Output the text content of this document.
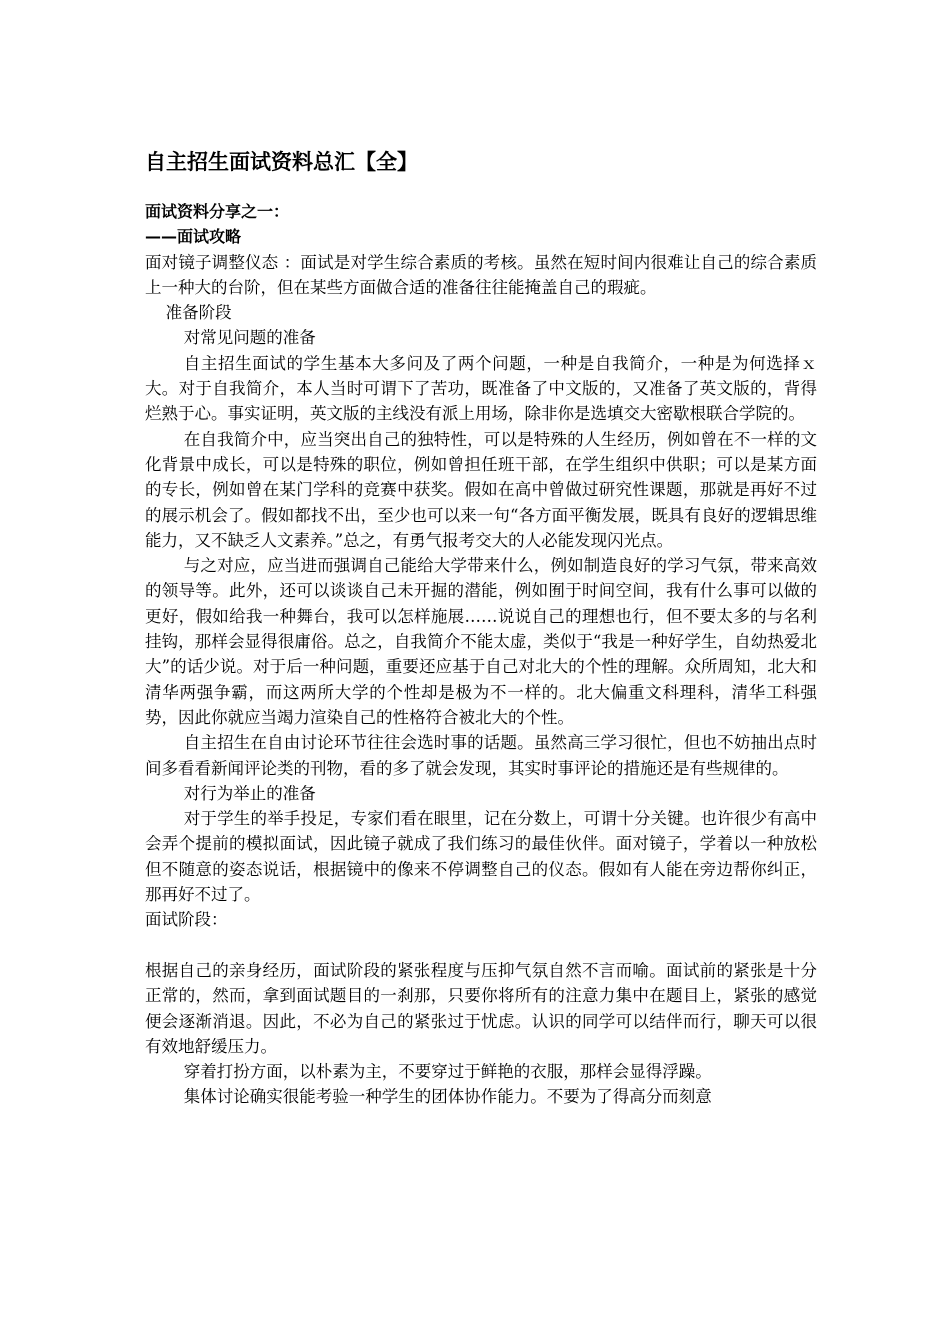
自主招生面试资料总汇【全】

面试资料分享之一：

——面试攻略

面对镜子调整仪态 ：面试是对学生综合素质的考核。虽然在短时间内很难让自己的综合素质上一种大的台阶，但在某些方面做合适的准备往往能掩盖自己的瑕疵。

准备阶段

对常见问题的准备

自主招生面试的学生基本大多问及了两个问题，一种是自我简介，一种是为何选择ｘ大。对于自我简介，本人当时可谓下了苦功，既准备了中文版的，又准备了英文版的，背得烂熟于心。事实证明，英文版的主线没有派上用场，除非你是选填交大密歇根联合学院的。

在自我简介中，应当突出自己的独特性，可以是特殊的人生经历，例如曾在不一样的文化背景中成长，可以是特殊的职位，例如曾担任班干部，在学生组织中供职；可以是某方面的专长，例如曾在某门学科的竞赛中获奖。假如在高中曾做过研究性课题，那就是再好不过的展示机会了。假如都找不出，至少也可以来一句“各方面平衡发展，既具有良好的逻辑思维能力，又不缺乏人文素养。”总之，有勇气报考交大的人必能发现闪光点。

与之对应，应当进而强调自己能给大学带来什么，例如制造良好的学习气氛，带来高效的领导等。此外，还可以谈谈自己未开掘的潜能，例如囿于时间空间，我有什么事可以做的更好，假如给我一种舞台，我可以怎样施展……说说自己的理想也行，但不要太多的与名利挂钩，那样会显得很庸俗。总之，自我简介不能太虚，类似于“我是一种好学生，自幼热爱北大”的话少说。对于后一种问题，重要还应基于自己对北大的个性的理解。众所周知，北大和清华两强争霸，而这两所大学的个性却是极为不一样的。北大偏重文科理科，清华工科强势，因此你就应当竭力渲染自己的性格符合被北大的个性。

自主招生在自由讨论环节往往会选时事的话题。虽然高三学习很忙，但也不妨抽出点时间多看看新闻评论类的刊物，看的多了就会发现，其实时事评论的措施还是有些规律的。

对行为举止的准备

对于学生的举手投足，专家们看在眼里，记在分数上，可谓十分关键。也许很少有高中会弄个提前的模拟面试，因此镜子就成了我们练习的最佳伙伴。面对镜子，学着以一种放松但不随意的姿态说话，根据镜中的像来不停调整自己的仪态。假如有人能在旁边帮你纠正，那再好不过了。

面试阶段：

根据自己的亲身经历，面试阶段的紧张程度与压抑气氛自然不言而喻。面试前的紧张是十分正常的，然而，拿到面试题目的一刹那，只要你将所有的注意力集中在题目上，紧张的感觉便会逐渐消退。因此，不必为自己的紧张过于忧虑。认识的同学可以结伴而行，聊天可以很有效地舒缓压力。

穿着打扮方面，以朴素为主，不要穿过于鲜艳的衣服，那样会显得浮躁。

集体讨论确实很能考验一种学生的团体协作能力。不要为了得高分而刻意
